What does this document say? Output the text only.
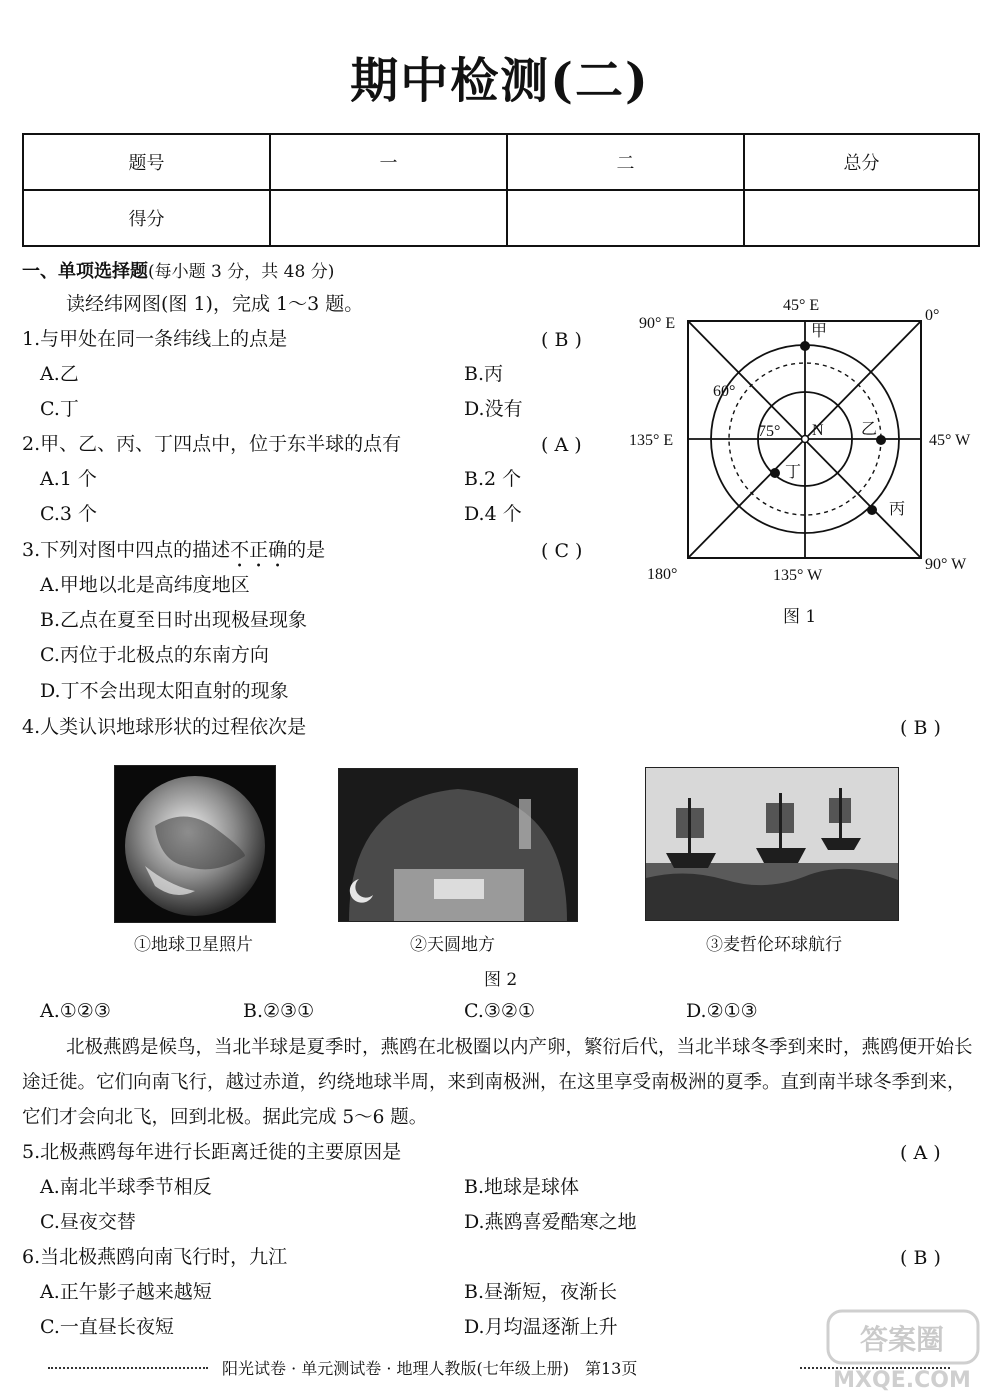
期中检测(二)
题号	一	二	总分
得分			
一、单项选择题(每小题 3 分，共 48 分)
读经纬网图(图 1)，完成 1～3 题。
1.与甲处在同一条纬线上的点是	( B )
A.乙	B.丙
C.丁	D.没有
2.甲、乙、丙、丁四点中，位于东半球的点有	( A )
A.1 个	B.2 个
C.3 个	D.4 个
3.下列对图中四点的描述不正确的是	( C )
A.甲地以北是高纬度地区
B.乙点在夏至日时出现极昼现象
C.丙位于北极点的东南方向
D.丁不会出现太阳直射的现象
45° E
90° E	0°
135° E	45° W
180°	135° W
90° W
60°
75° N
甲
乙
丙
丁
图 1
4.人类认识地球形状的过程依次是	( B )
①地球卫星照片	②天圆地方	③麦哲伦环球航行
图 2
A.①②③	B.②③①	C.③②①	D.②①③
北极燕鸥是候鸟，当北半球是夏季时，燕鸥在北极圈以内产卵，繁衍后代，当北半球冬季到来时，燕鸥便开始长途迁徙。它们向南飞行，越过赤道，约绕地球半周，来到南极洲，在这里享受南极洲的夏季。直到南半球冬季到来，它们才会向北飞，回到北极。据此完成 5～6 题。
5.北极燕鸥每年进行长距离迁徙的主要原因是	( A )
A.南北半球季节相反	B.地球是球体
C.昼夜交替	D.燕鸥喜爱酷寒之地
6.当北极燕鸥向南飞行时，九江	( B )
A.正午影子越来越短	B.昼渐短，夜渐长
C.一直昼长夜短	D.月均温逐渐上升
阳光试卷 · 单元测试卷 · 地理人教版(七年级上册)　第13页
答案圈
MXQE.COM
